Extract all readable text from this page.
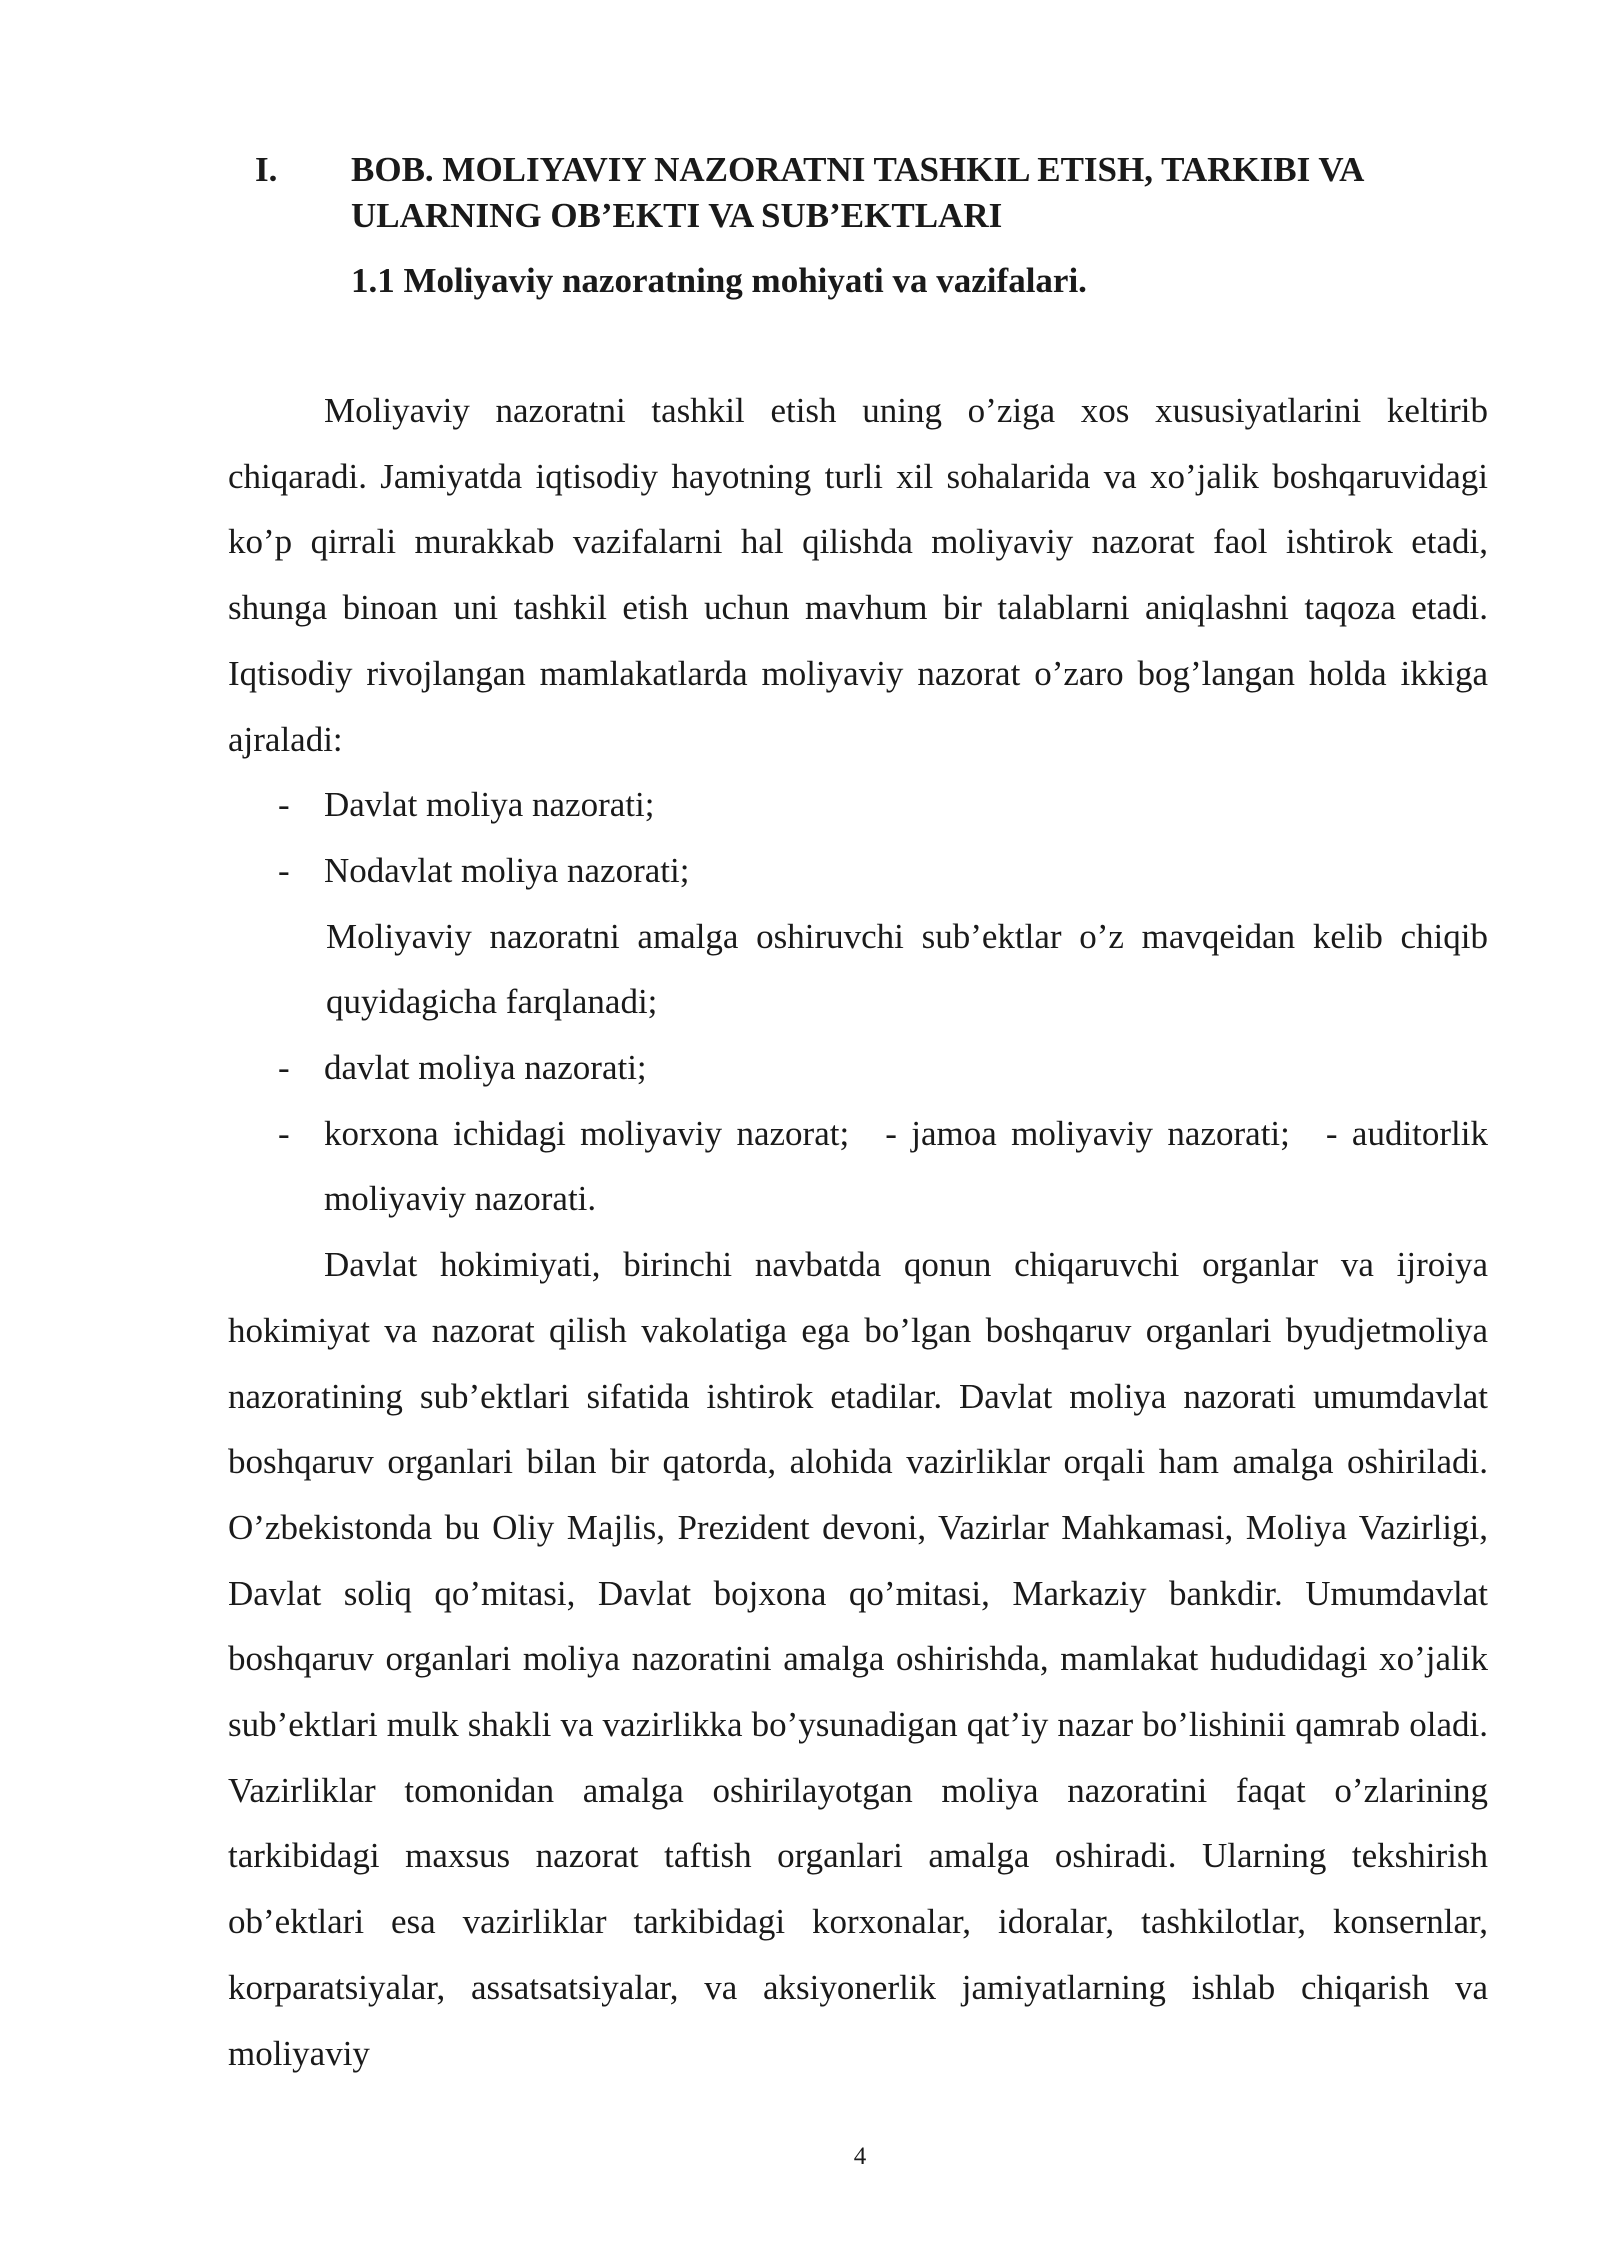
I. BOB. MOLIYAVIY NAZORATNI TASHKIL ETISH, TARKIBI VA
ULARNING OB’EKTI VA SUB’EKTLARI
1.1 Moliyaviy nazoratning mohiyati va vazifalari.

Moliyaviy nazoratni tashkil etish uning o’ziga xos xususiyatlarini keltirib chiqaradi. Jamiyatda iqtisodiy hayotning turli xil sohalarida va xo’jalik boshqaruvidagi ko’p qirrali murakkab vazifalarni hal qilishda moliyaviy nazorat faol ishtirok etadi, shunga binoan uni tashkil etish uchun mavhum bir talablarni aniqlashni taqoza etadi. Iqtisodiy rivojlangan mamlakatlarda moliyaviy nazorat o’zaro bog’langan holda ikkiga ajraladi:

- Davlat moliya nazorati;

- Nodavlat moliya nazorati;

Moliyaviy nazoratni amalga oshiruvchi sub’ektlar o’z mavqeidan kelib chiqib quyidagicha farqlanadi;

- davlat moliya nazorati;

- korxona ichidagi moliyaviy nazorat; - jamoa moliyaviy nazorati; - auditorlik moliyaviy nazorati.

Davlat hokimiyati, birinchi navbatda qonun chiqaruvchi organlar va ijroiya hokimiyat va nazorat qilish vakolatiga ega bo’lgan boshqaruv organlari byudjetmoliya nazoratining sub’ektlari sifatida ishtirok etadilar. Davlat moliya nazorati umumdavlat boshqaruv organlari bilan bir qatorda, alohida vazirliklar orqali ham amalga oshiriladi. O’zbekistonda bu Oliy Majlis, Prezident devoni, Vazirlar Mahkamasi, Moliya Vazirligi, Davlat soliq qo’mitasi, Davlat bojxona qo’mitasi, Markaziy bankdir. Umumdavlat boshqaruv organlari moliya nazoratini amalga oshirishda, mamlakat hududidagi xo’jalik sub’ektlari mulk shakli va vazirlikka bo’ysunadigan qat’iy nazar bo’lishinii qamrab oladi. Vazirliklar tomonidan amalga oshirilayotgan moliya nazoratini faqat o’zlarining tarkibidagi maxsus nazorat taftish organlari amalga oshiradi. Ularning tekshirish ob’ektlari esa vazirliklar tarkibidagi korxonalar, idoralar, tashkilotlar, konsernlar, korparatsiyalar, assatsatsiyalar, va aksiyonerlik jamiyatlarning ishlab chiqarish va moliyaviy

4
